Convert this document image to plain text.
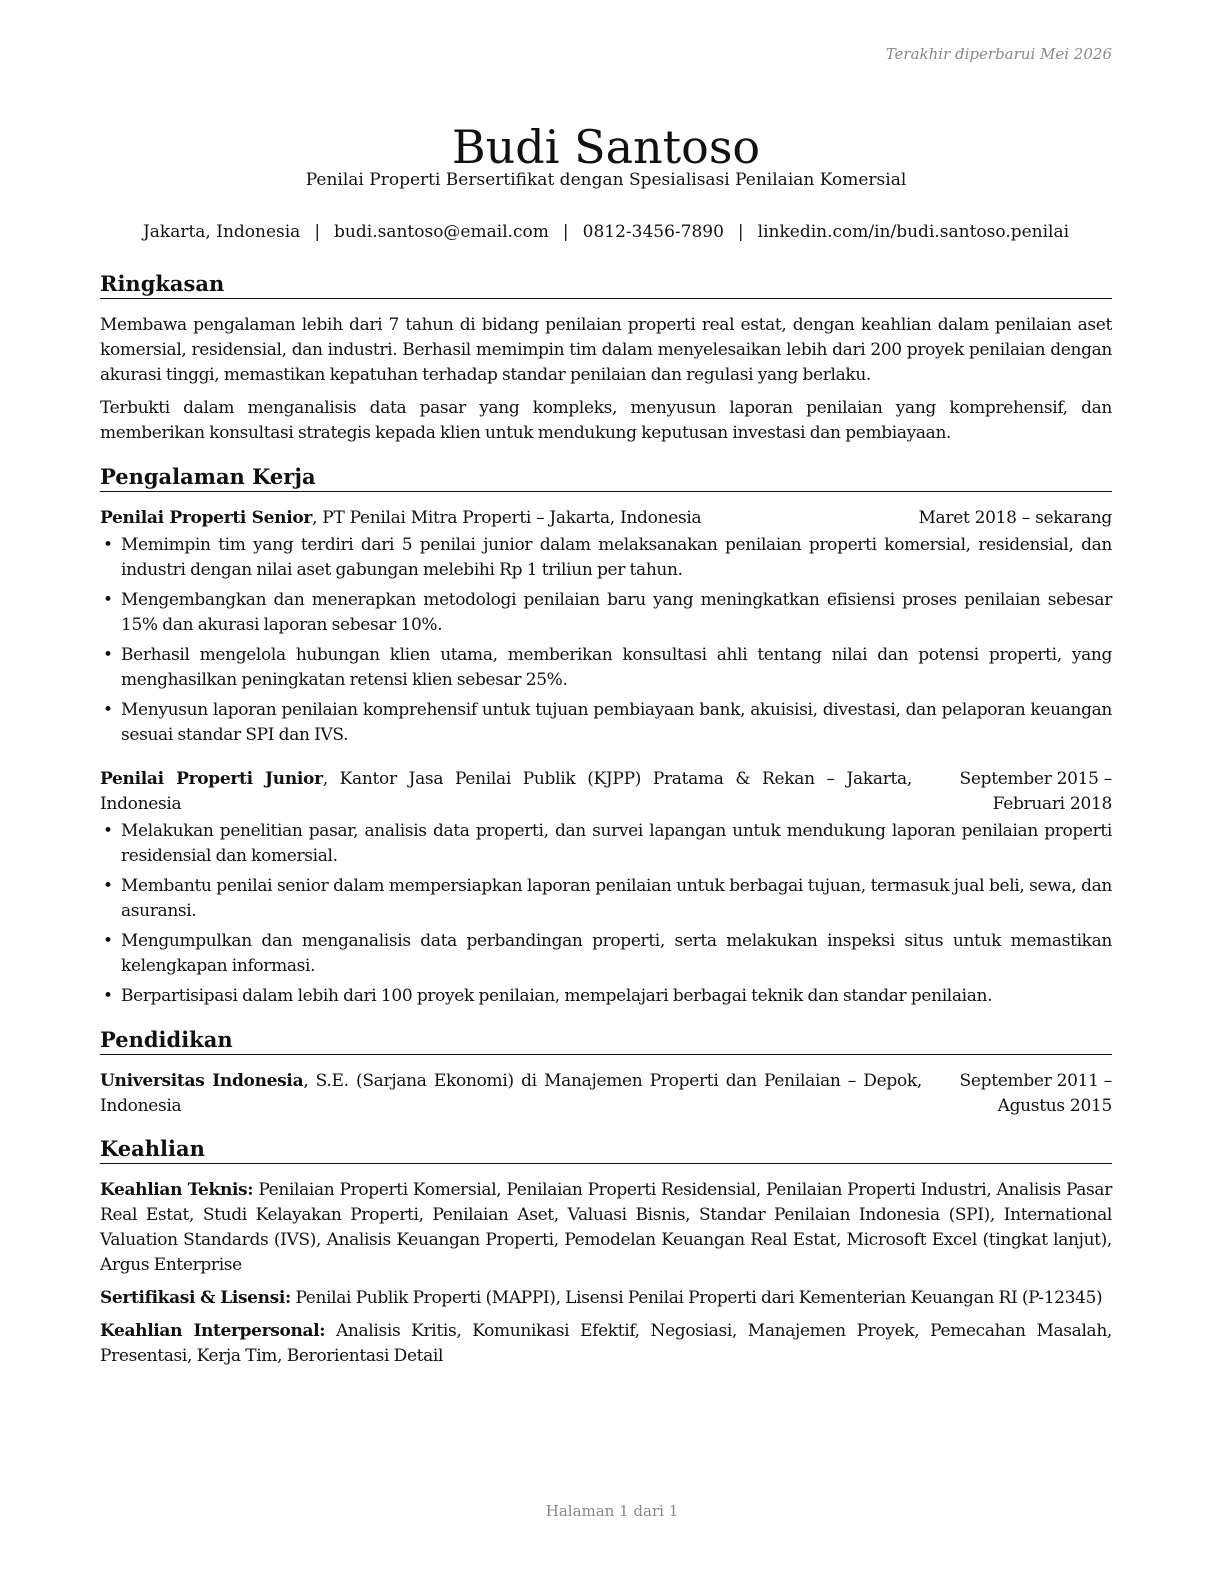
Terakhir diperbarui Mei 2026
Budi Santoso
Penilai Properti Bersertifikat dengan Spesialisasi Penilaian Komersial
Jakarta, Indonesia | budi.santoso@email.com | 0812-3456-7890 | linkedin.com/in/budi.santoso.penilai
Ringkasan

Membawa pengalaman lebih dari 7 tahun di bidang penilaian properti real estat, dengan keahlian dalam penilaian aset komersial, residensial, dan industri. Berhasil memimpin tim dalam menyelesaikan lebih dari 200 proyek penilaian dengan akurasi tinggi, memastikan kepatuhan terhadap standar penilaian dan regulasi yang berlaku.

Terbukti dalam menganalisis data pasar yang kompleks, menyusun laporan penilaian yang komprehensif, dan memberikan konsultasi strategis kepada klien untuk mendukung keputusan investasi dan pembiayaan.

Pengalaman Kerja
Penilai Properti Senior, PT Penilai Mitra Properti – Jakarta, Indonesia	Maret 2018 – sekarang
• Memimpin tim yang terdiri dari 5 penilai junior dalam melaksanakan penilaian properti komersial, residensial, dan industri dengan nilai aset gabungan melebihi Rp 1 triliun per tahun.
• Mengembangkan dan menerapkan metodologi penilaian baru yang meningkatkan efisiensi proses penilaian sebesar 15% dan akurasi laporan sebesar 10%.
• Berhasil mengelola hubungan klien utama, memberikan konsultasi ahli tentang nilai dan potensi properti, yang menghasilkan peningkatan retensi klien sebesar 25%.
• Menyusun laporan penilaian komprehensif untuk tujuan pembiayaan bank, akuisisi, divestasi, dan pelaporan keuangan sesuai standar SPI dan IVS.
Penilai Properti Junior, Kantor Jasa Penilai Publik (KJPP) Pratama & Rekan – Jakarta, Indonesia
September 2015 – Februari 2018
• Melakukan penelitian pasar, analisis data properti, dan survei lapangan untuk mendukung laporan penilaian properti residensial dan komersial.
• Membantu penilai senior dalam mempersiapkan laporan penilaian untuk berbagai tujuan, termasuk jual beli, sewa, dan asuransi.
• Mengumpulkan dan menganalisis data perbandingan properti, serta melakukan inspeksi situs untuk memastikan kelengkapan informasi.
• Berpartisipasi dalam lebih dari 100 proyek penilaian, mempelajari berbagai teknik dan standar penilaian.
Pendidikan
Universitas Indonesia, S.E. (Sarjana Ekonomi) di Manajemen Properti dan Penilaian – Depok, Indonesia
September 2011 – Agustus 2015
Keahlian

Keahlian Teknis: Penilaian Properti Komersial, Penilaian Properti Residensial, Penilaian Properti Industri, Analisis Pasar Real Estat, Studi Kelayakan Properti, Penilaian Aset, Valuasi Bisnis, Standar Penilaian Indonesia (SPI), International Valuation Standards (IVS), Analisis Keuangan Properti, Pemodelan Keuangan Real Estat, Microsoft Excel (tingkat lanjut), Argus Enterprise

Sertifikasi & Lisensi: Penilai Publik Properti (MAPPI), Lisensi Penilai Properti dari Kementerian Keuangan RI (P-12345)

Keahlian Interpersonal: Analisis Kritis, Komunikasi Efektif, Negosiasi, Manajemen Proyek, Pemecahan Masalah, Presentasi, Kerja Tim, Berorientasi Detail

Halaman 1 dari 1
